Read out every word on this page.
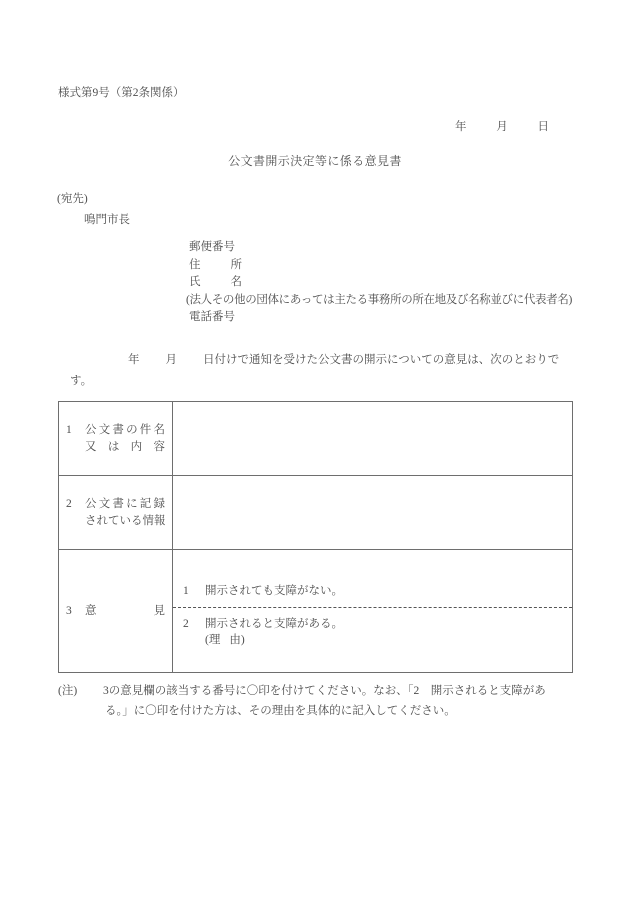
様式第9号（第2条関係）
年	月	日
公文書開示決定等に係る意見書
(宛先)
鳴門市長
郵便番号
住	所
氏	名
(法人その他の団体にあっては主たる事務所の所在地及び名称並びに代表者名)
電話番号
年 月 日付けで通知を受けた公文書の開示についての意見は、次のとおりで
す。
1	公 文 書 の 件 名
又 は 内 容

2	公 文 書 に 記 録
されている情報

3	意	見

1 開示されても支障がない。
2 開示されると支障がある。
(理 由)
(注) 3の意見欄の該当する番号に〇印を付けてください。なお、「2　開示されると支障があ
る。」に〇印を付けた方は、その理由を具体的に記入してください。
